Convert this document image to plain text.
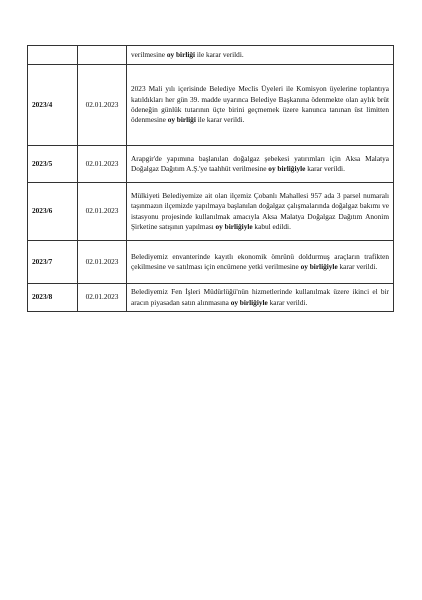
		verilmesine oy birliği ile karar verildi.
2023/4	02.01.2023	2023 Mali yılı içerisinde Belediye Meclis Üyeleri ile Komisyon üyelerine toplantıya katıldıkları her gün 39. madde uyarınca Belediye Başkanına ödenmekte olan aylık brüt ödeneğin günlük tutarının üçte birini geçmemek üzere kanunca tanınan üst limitten ödenmesine oy birliği ile karar verildi.
2023/5	02.01.2023	Arapgir'de yapımına başlanılan doğalgaz şebekesi yatırımları için Aksa Malatya Doğalgaz Dağıtım A.Ş.'ye taahhüt verilmesine oy birliğiyle karar verildi.
2023/6	02.01.2023	Mülkiyeti Belediyemize ait olan ilçemiz Çobanlı Mahallesi 957 ada 3 parsel numaralı taşınmazın ilçemizde yapılmaya başlanılan doğalgaz çalışmalarında doğalgaz bakımı ve istasyonu projesinde kullanılmak amacıyla Aksa Malatya Doğalgaz Dağıtım Anonim Şirketine satışının yapılması oy birliğiyle kabul edildi.
2023/7	02.01.2023	Belediyemiz envanterinde kayıtlı ekonomik ömrünü doldurmuş araçların trafikten çekilmesine ve satılması için encümene yetki verilmesine oy birliğiyle karar verildi.
2023/8	02.01.2023	Belediyemiz Fen İşleri Müdürlüğü'nün hizmetlerinde kullanılmak üzere ikinci el bir aracın piyasadan satın alınmasına oy birliğiyle karar verildi.
